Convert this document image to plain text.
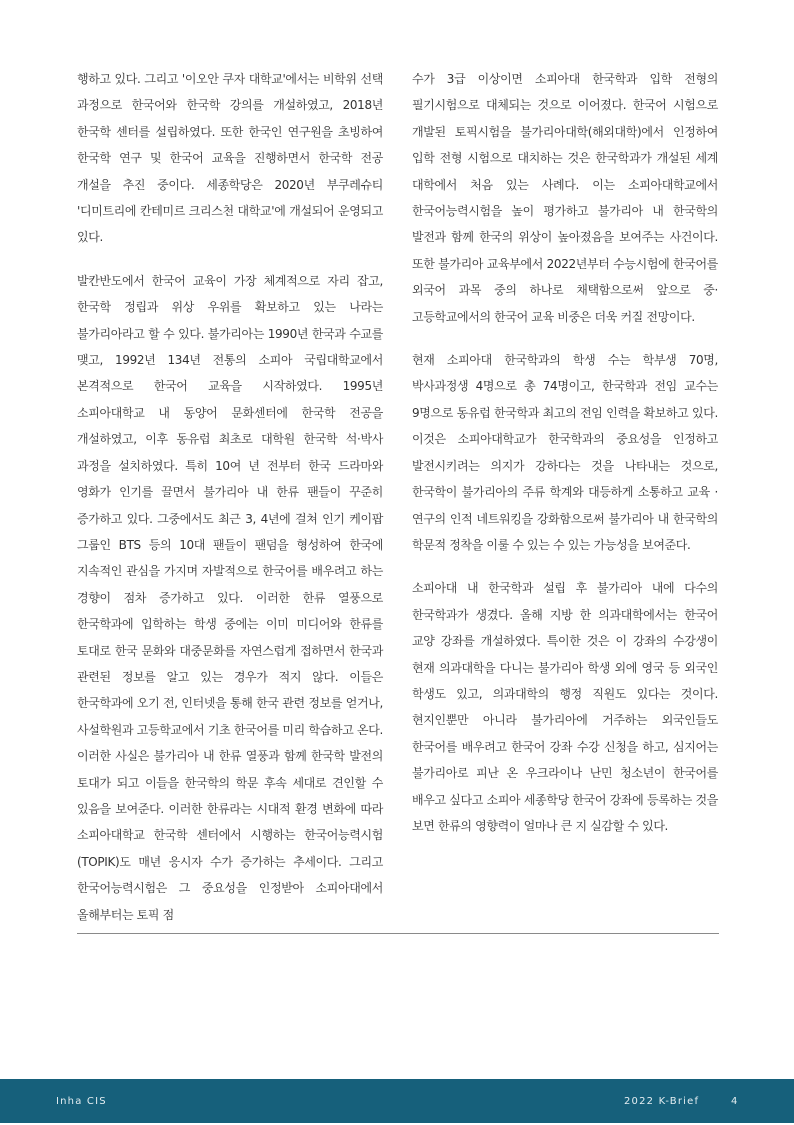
행하고 있다. 그리고 '이오안 쿠자 대학교'에서는 비학위 선택 과정으로 한국어와 한국학 강의를 개설하였고, 2018년 한국학 센터를 설립하였다. 또한 한국인 연구원을 초빙하여 한국학 연구 및 한국어 교육을 진행하면서 한국학 전공 개설을 추진 중이다. 세종학당은 2020년 부쿠레슈티 '디미트리에 칸테미르 크리스천 대학교'에 개설되어 운영되고 있다.

발칸반도에서 한국어 교육이 가장 체계적으로 자리 잡고, 한국학 정립과 위상 우위를 확보하고 있는 나라는 불가리아라고 할 수 있다. 불가리아는 1990년 한국과 수교를 맺고, 1992년 134년 전통의 소피아 국립대학교에서 본격적으로 한국어 교육을 시작하였다. 1995년 소피아대학교 내 동양어 문화센터에 한국학 전공을 개설하였고, 이후 동유럽 최초로 대학원 한국학 석·박사 과정을 설치하였다. 특히 10여 년 전부터 한국 드라마와 영화가 인기를 끌면서 불가리아 내 한류 팬들이 꾸준히 증가하고 있다. 그중에서도 최근 3, 4년에 걸쳐 인기 케이팝 그룹인 BTS 등의 10대 팬들이 팬덤을 형성하여 한국에 지속적인 관심을 가지며 자발적으로 한국어를 배우려고 하는 경향이 점차 증가하고 있다. 이러한 한류 열풍으로 한국학과에 입학하는 학생 중에는 이미 미디어와 한류를 토대로 한국 문화와 대중문화를 자연스럽게 접하면서 한국과 관련된 정보를 알고 있는 경우가 적지 않다. 이들은 한국학과에 오기 전, 인터넷을 통해 한국 관련 정보를 얻거나, 사설학원과 고등학교에서 기초 한국어를 미리 학습하고 온다. 이러한 사실은 불가리아 내 한류 열풍과 함께 한국학 발전의 토대가 되고 이들을 한국학의 학문 후속 세대로 견인할 수 있음을 보여준다. 이러한 한류라는 시대적 환경 변화에 따라 소피아대학교 한국학 센터에서 시행하는 한국어능력시험(TOPIK)도 매년 응시자 수가 증가하는 추세이다. 그리고 한국어능력시험은 그 중요성을 인정받아 소피아대에서 올해부터는 토픽 점

수가 3급 이상이면 소피아대 한국학과 입학 전형의 필기시험으로 대체되는 것으로 이어졌다. 한국어 시험으로 개발된 토픽시험을 불가리아대학(해외대학)에서 인정하여 입학 전형 시험으로 대치하는 것은 한국학과가 개설된 세계 대학에서 처음 있는 사례다. 이는 소피아대학교에서 한국어능력시험을 높이 평가하고 불가리아 내 한국학의 발전과 함께 한국의 위상이 높아졌음을 보여주는 사건이다. 또한 불가리아 교육부에서 2022년부터 수능시험에 한국어를 외국어 과목 중의 하나로 채택함으로써 앞으로 중·고등학교에서의 한국어 교육 비중은 더욱 커질 전망이다.

현재 소피아대 한국학과의 학생 수는 학부생 70명, 박사과정생 4명으로 총 74명이고, 한국학과 전임 교수는 9명으로 동유럽 한국학과 최고의 전임 인력을 확보하고 있다. 이것은 소피아대학교가 한국학과의 중요성을 인정하고 발전시키려는 의지가 강하다는 것을 나타내는 것으로, 한국학이 불가리아의 주류 학계와 대등하게 소통하고 교육 · 연구의 인적 네트워킹을 강화함으로써 불가리아 내 한국학의 학문적 정착을 이룰 수 있는 수 있는 가능성을 보여준다.

소피아대 내 한국학과 설립 후 불가리아 내에 다수의 한국학과가 생겼다. 올해 지방 한 의과대학에서는 한국어 교양 강좌를 개설하였다. 특이한 것은 이 강좌의 수강생이 현재 의과대학을 다니는 불가리아 학생 외에 영국 등 외국인 학생도 있고, 의과대학의 행정 직원도 있다는 것이다. 현지인뿐만 아니라 불가리아에 거주하는 외국인들도 한국어를 배우려고 한국어 강좌 수강 신청을 하고, 심지어는 불가리아로 피난 온 우크라이나 난민 청소년이 한국어를 배우고 싶다고 소피아 세종학당 한국어 강좌에 등록하는 것을 보면 한류의 영향력이 얼마나 큰 지 실감할 수 있다.

Inha CIS	2022 K-Brief	4
